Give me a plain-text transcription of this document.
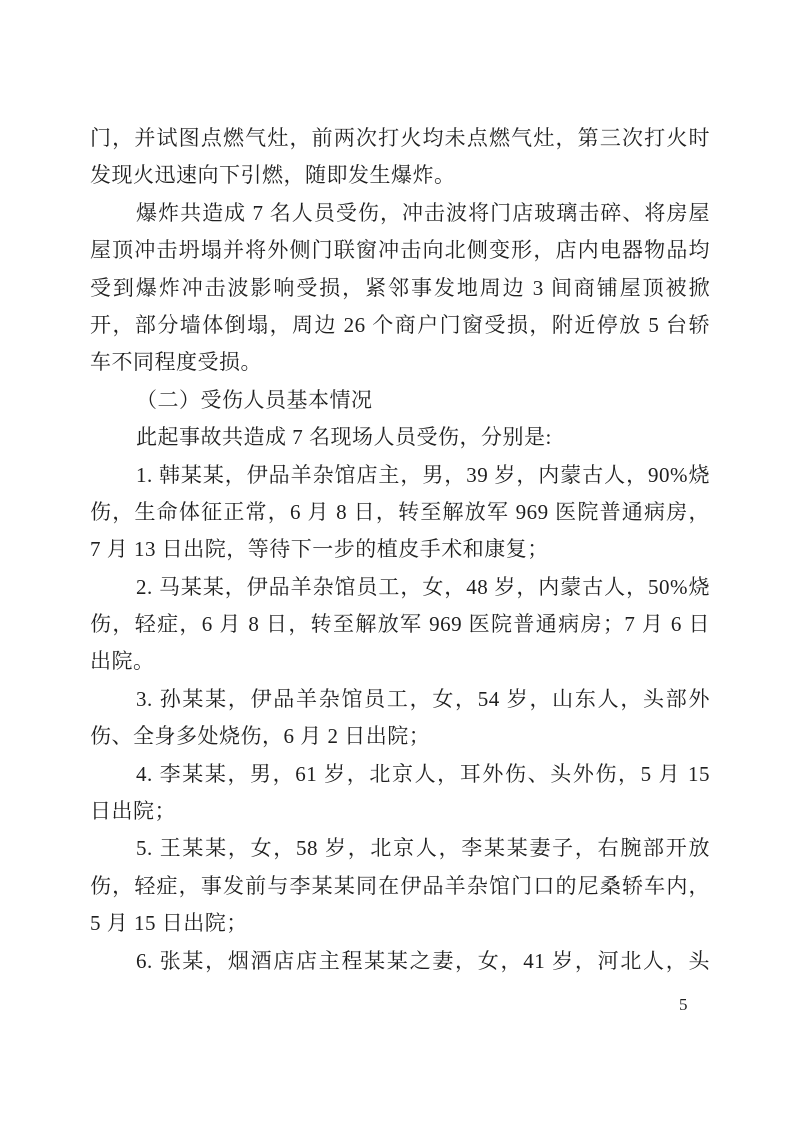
门，并试图点燃气灶，前两次打火均未点燃气灶，第三次打火时
发现火迅速向下引燃，随即发生爆炸。
爆炸共造成 7 名人员受伤，冲击波将门店玻璃击碎、将房屋
屋顶冲击坍塌并将外侧门联窗冲击向北侧变形，店内电器物品均
受到爆炸冲击波影响受损，紧邻事发地周边 3 间商铺屋顶被掀
开，部分墙体倒塌，周边 26 个商户门窗受损，附近停放 5 台轿
车不同程度受损。
（二）受伤人员基本情况
此起事故共造成 7 名现场人员受伤，分别是:
1. 韩某某，伊品羊杂馆店主，男，39 岁，内蒙古人，90%烧
伤，生命体征正常，6 月 8 日，转至解放军 969 医院普通病房，
7 月 13 日出院，等待下一步的植皮手术和康复；
2. 马某某，伊品羊杂馆员工，女，48 岁，内蒙古人，50%烧
伤，轻症，6 月 8 日，转至解放军 969 医院普通病房；7 月 6 日
出院。
3. 孙某某，伊品羊杂馆员工，女，54 岁，山东人，头部外
伤、全身多处烧伤，6 月 2 日出院；
4. 李某某，男，61 岁，北京人，耳外伤、头外伤，5 月 15
日出院；
5. 王某某，女，58 岁，北京人，李某某妻子，右腕部开放
伤，轻症，事发前与李某某同在伊品羊杂馆门口的尼桑轿车内，
5 月 15 日出院；
6. 张某，烟酒店店主程某某之妻，女，41 岁，河北人，头
5
